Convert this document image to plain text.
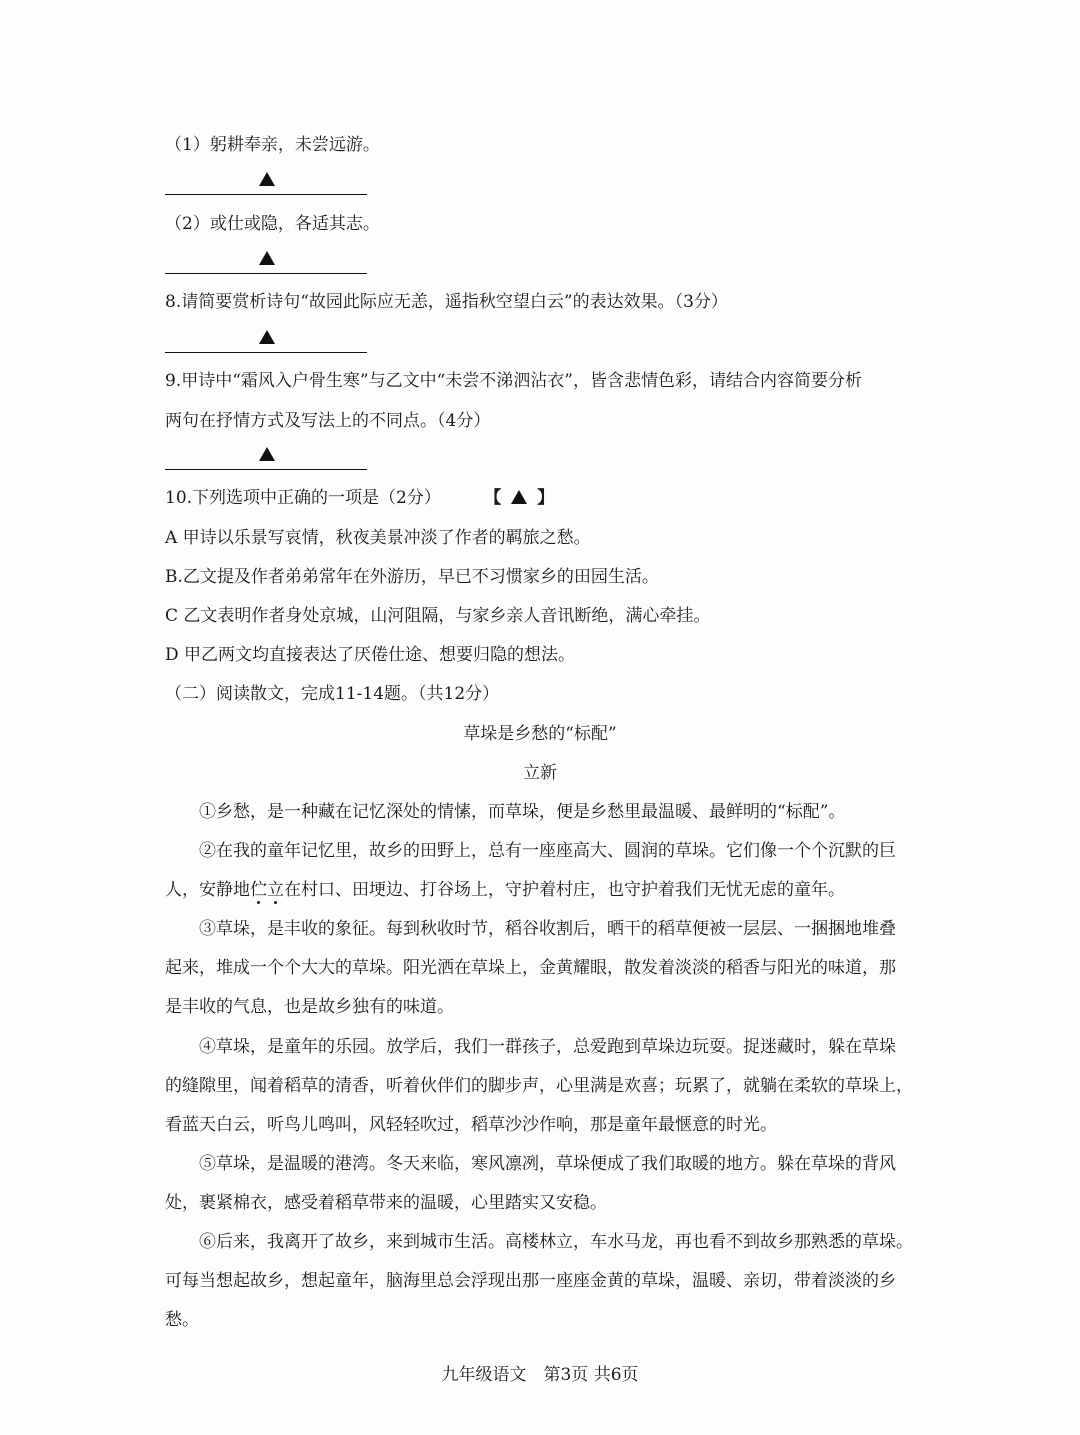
（1）躬耕奉亲，未尝远游。
（2）或仕或隐，各适其志。
8.请简要赏析诗句“故园此际应无恙，遥指秋空望白云”的表达效果。（3分）
9.甲诗中“霜风入户骨生寒”与乙文中“未尝不涕泗沾衣”，皆含悲情色彩，请结合内容简要分析
两句在抒情方式及写法上的不同点。（4分）
10.下列选项中正确的一项是（2分）	【 】
A 甲诗以乐景写哀情，秋夜美景冲淡了作者的羁旅之愁。
B.乙文提及作者弟弟常年在外游历，早已不习惯家乡的田园生活。
C 乙文表明作者身处京城，山河阻隔，与家乡亲人音讯断绝，满心牵挂。
D 甲乙两文均直接表达了厌倦仕途、想要归隐的想法。
（二）阅读散文，完成11-14题。（共12分）
草垛是乡愁的“标配”
立新
①乡愁，是一种藏在记忆深处的情愫，而草垛，便是乡愁里最温暖、最鲜明的“标配”。
②在我的童年记忆里，故乡的田野上，总有一座座高大、圆润的草垛。它们像一个个沉默的巨
人，安静地伫立在村口、田埂边、打谷场上，守护着村庄，也守护着我们无忧无虑的童年。
③草垛，是丰收的象征。每到秋收时节，稻谷收割后，晒干的稻草便被一层层、一捆捆地堆叠
起来，堆成一个个大大的草垛。阳光洒在草垛上，金黄耀眼，散发着淡淡的稻香与阳光的味道，那
是丰收的气息，也是故乡独有的味道。
④草垛，是童年的乐园。放学后，我们一群孩子，总爱跑到草垛边玩耍。捉迷藏时，躲在草垛
的缝隙里，闻着稻草的清香，听着伙伴们的脚步声，心里满是欢喜；玩累了，就躺在柔软的草垛上，
看蓝天白云，听鸟儿鸣叫，风轻轻吹过，稻草沙沙作响，那是童年最惬意的时光。
⑤草垛，是温暖的港湾。冬天来临，寒风凛冽，草垛便成了我们取暖的地方。躲在草垛的背风
处，裹紧棉衣，感受着稻草带来的温暖，心里踏实又安稳。
⑥后来，我离开了故乡，来到城市生活。高楼林立，车水马龙，再也看不到故乡那熟悉的草垛。
可每当想起故乡，想起童年，脑海里总会浮现出那一座座金黄的草垛，温暖、亲切，带着淡淡的乡
愁。
九年级语文　第3页 共6页
